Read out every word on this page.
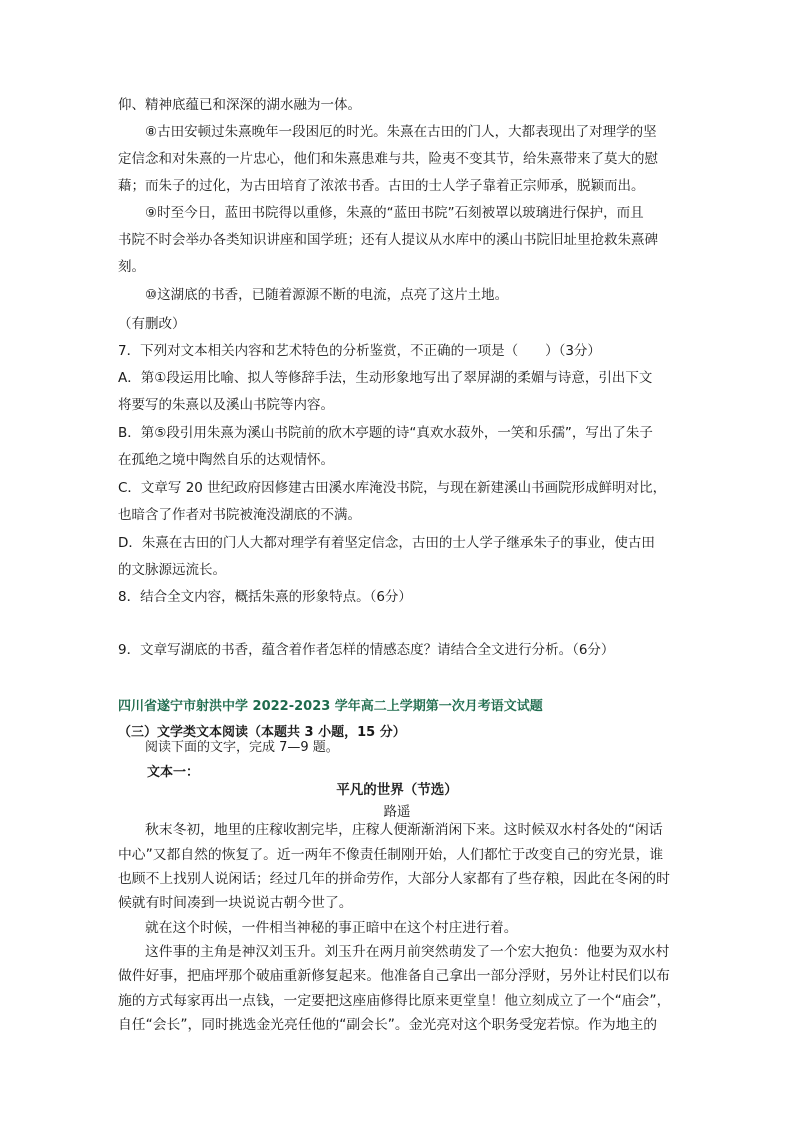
仰、精神底蕴已和深深的湖水融为一体。
⑧古田安顿过朱熹晚年一段困厄的时光。朱熹在古田的门人，大都表现出了对理学的坚
定信念和对朱熹的一片忠心，他们和朱熹患难与共，险夷不变其节，给朱熹带来了莫大的慰
藉；而朱子的过化，为古田培育了浓浓书香。古田的士人学子靠着正宗师承，脱颖而出。
⑨时至今日，蓝田书院得以重修，朱熹的“蓝田书院”石刻被罩以玻璃进行保护，而且
书院不时会举办各类知识讲座和国学班；还有人提议从水库中的溪山书院旧址里抢救朱熹碑
刻。
⑩这湖底的书香，已随着源源不断的电流，点亮了这片土地。
（有删改）
7．下列对文本相关内容和艺术特色的分析鉴赏，不正确的一项是（　　）（3分）
A．第①段运用比喻、拟人等修辞手法，生动形象地写出了翠屏湖的柔媚与诗意，引出下文
将要写的朱熹以及溪山书院等内容。
B．第⑤段引用朱熹为溪山书院前的欣木亭题的诗“真欢水菽外，一笑和乐孺”，写出了朱子
在孤绝之境中陶然自乐的达观情怀。
C．文章写 20 世纪政府因修建古田溪水库淹没书院，与现在新建溪山书画院形成鲜明对比，
也暗含了作者对书院被淹没湖底的不满。
D．朱熹在古田的门人大都对理学有着坚定信念，古田的士人学子继承朱子的事业，使古田
的文脉源远流长。
8．结合全文内容，概括朱熹的形象特点。（6分）
9．文章写湖底的书香，蕴含着作者怎样的情感态度？请结合全文进行分析。（6分）
四川省遂宁市射洪中学 2022-2023 学年高二上学期第一次月考语文试题
（三）文学类文本阅读（本题共 3 小题，15 分）
阅读下面的文字，完成 7—9 题。
文本一：
平凡的世界（节选）
路遥
秋末冬初，地里的庄稼收割完毕，庄稼人便渐渐消闲下来。这时候双水村各处的“闲话
中心”又都自然的恢复了。近一两年不像责任制刚开始，人们都忙于改变自己的穷光景，谁
也顾不上找别人说闲话；经过几年的拼命劳作，大部分人家都有了些存粮，因此在冬闲的时
候就有时间凑到一块说说古朝今世了。
就在这个时候，一件相当神秘的事正暗中在这个村庄进行着。
这件事的主角是神汉刘玉升。刘玉升在两月前突然萌发了一个宏大抱负：他要为双水村
做件好事，把庙坪那个破庙重新修复起来。他准备自己拿出一部分浮财，另外让村民们以布
施的方式每家再出一点钱，一定要把这座庙修得比原来更堂皇！他立刻成立了一个“庙会”，
自任“会长”，同时挑选金光亮任他的“副会长”。金光亮对这个职务受宠若惊。作为地主的
